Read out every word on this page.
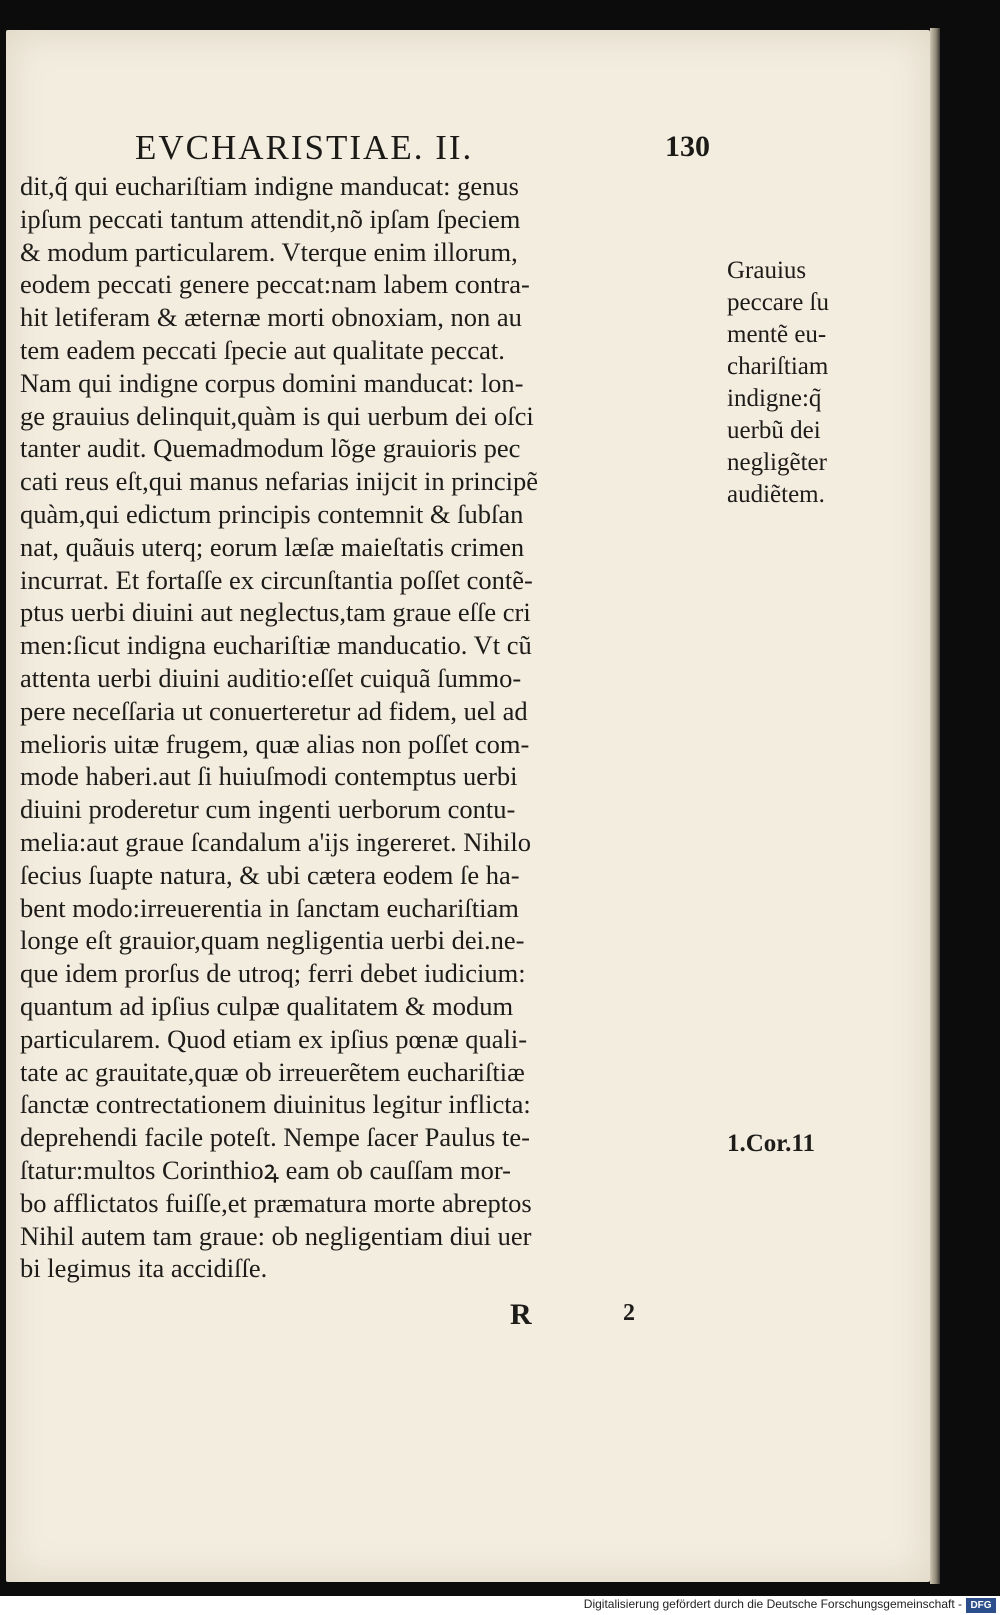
EVCHARISTIAE. II.	130
dit,q̃ qui euchariſtiam indigne manducat: genus
ipſum peccati tantum attendit,nõ ipſam ſpeciem
& modum particularem. Vterque enim illorum,
eodem peccati genere peccat:nam labem contra-
hit letiferam & æternæ morti obnoxiam, non au
tem eadem peccati ſpecie aut qualitate peccat.
Nam qui indigne corpus domini manducat: lon-
ge grauius delinquit,quàm is qui uerbum dei oſci
tanter audit. Quemadmodum lõge grauioris pec
cati reus eſt,qui manus nefarias inijcit in principẽ
quàm,qui edictum principis contemnit & ſubſan
nat, quãuis uterq; eorum læſæ maieſtatis crimen
incurrat. Et fortaſſe ex circunſtantia poſſet contẽ-
ptus uerbi diuini aut neglectus,tam graue eſſe cri
men:ſicut indigna euchariſtiæ manducatio. Vt cũ
attenta uerbi diuini auditio:eſſet cuiquã ſummo-
pere neceſſaria ut conuerteretur ad fidem, uel ad
melioris uitæ frugem, quæ alias non poſſet com-
mode haberi.aut ſi huiuſmodi contemptus uerbi
diuini proderetur cum ingenti uerborum contu-
melia:aut graue ſcandalum a'ijs ingereret. Nihilo
ſecius ſuapte natura, & ubi cætera eodem ſe ha-
bent modo:irreuerentia in ſanctam euchariſtiam
longe eſt grauior,quam negligentia uerbi dei.ne-
que idem prorſus de utroq; ferri debet iudicium:
quantum ad ipſius culpæ qualitatem & modum
particularem. Quod etiam ex ipſius pœnæ quali-
tate ac grauitate,quæ ob irreuerẽtem euchariſtiæ
ſanctæ contrectationem diuinitus legitur inflicta:
deprehendi facile poteſt. Nempe ſacer Paulus te-
ſtatur:multos Corinthioꝝ eam ob cauſſam mor-
bo afflictatos fuiſſe,et præmatura morte abreptos
Nihil autem tam graue: ob negligentiam diui uer
bi legimus ita accidiſſe.
Grauius
peccare ſu
mentẽ eu-
chariſtiam
indigne:q̃
uerbũ dei
negligẽter
audiẽtem.
1.Cor.11
R	2
Digitalisierung gefördert durch die Deutsche Forschungsgemeinschaft - DFG
